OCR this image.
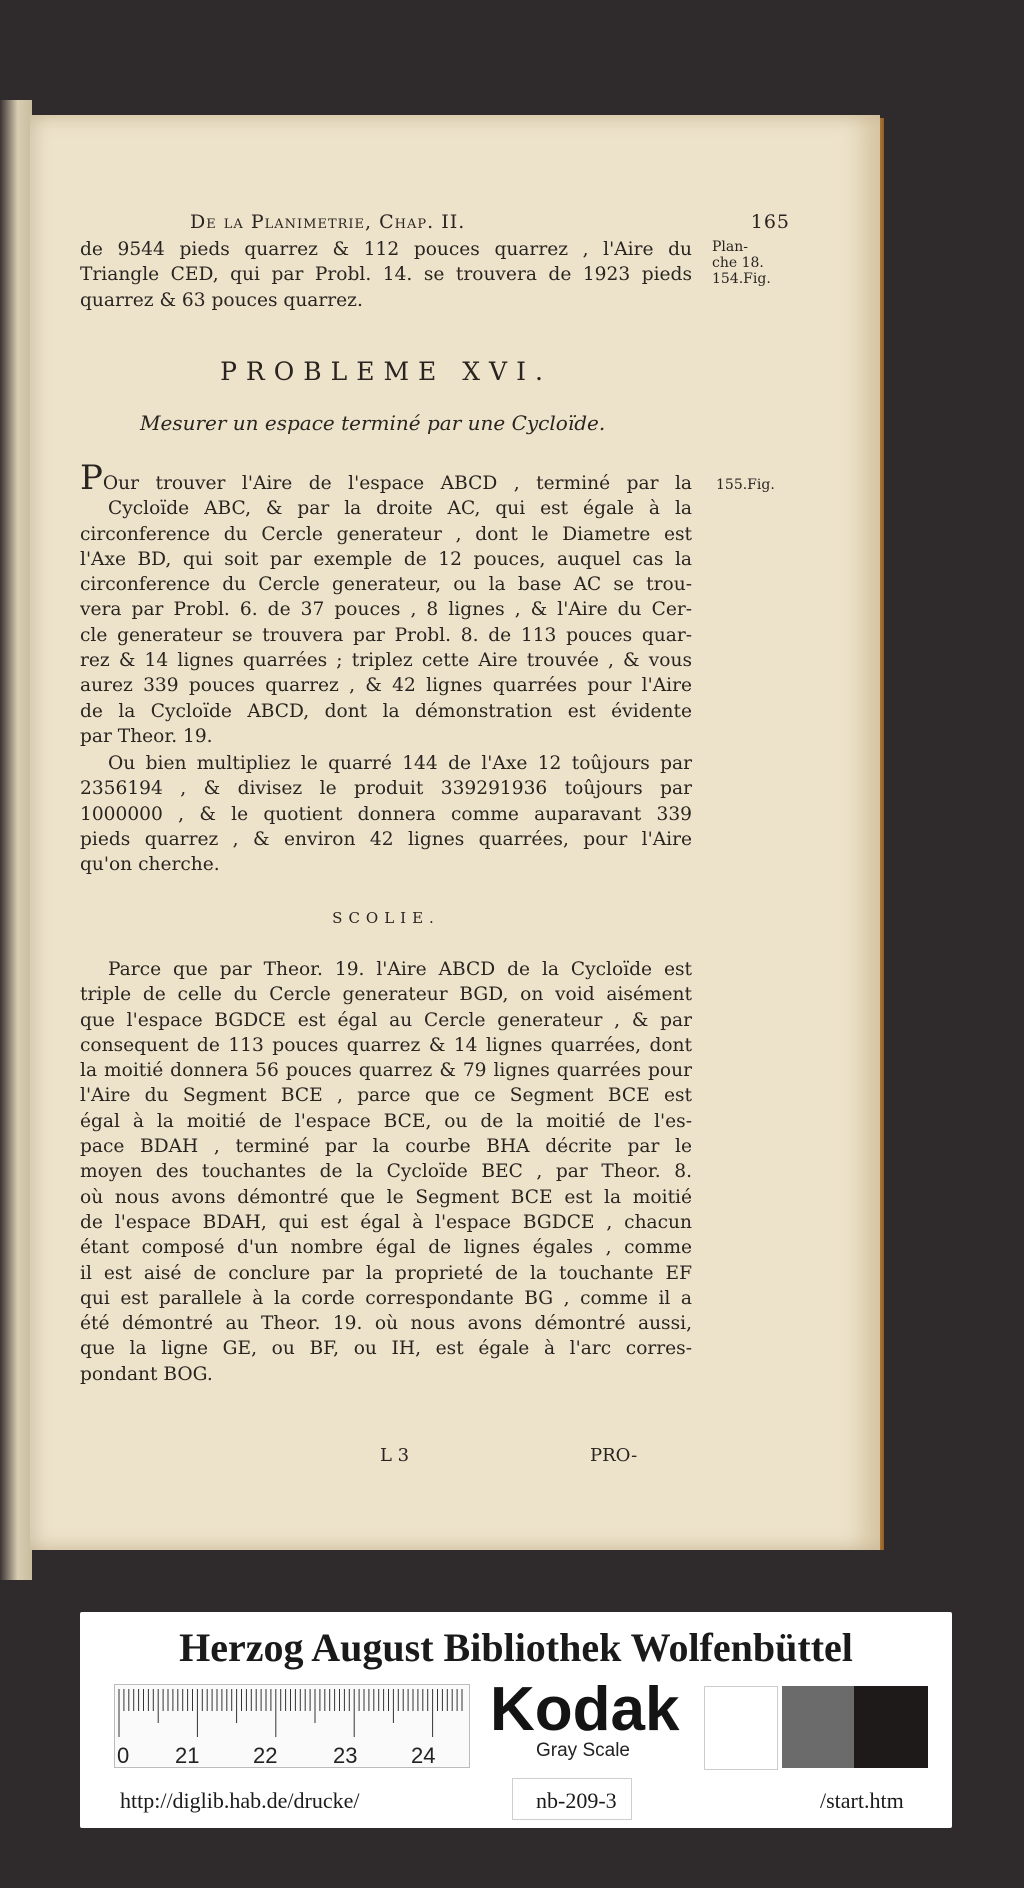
De la Planimetrie, Chap. II.	165
Plan-
che 18.
154.Fig.
de 9544 pieds quarrez & 112 pouces quarrez , l'Aire du
Triangle CED, qui par Probl. 14. se trouvera de 1923 pieds
quarrez & 63 pouces quarrez.
PROBLEME XVI.
Mesurer un espace terminé par une Cycloïde.
155.Fig.
POur trouver l'Aire de l'espace ABCD , terminé par la
Cycloïde ABC, & par la droite AC, qui est égale à la
circonference du Cercle generateur , dont le Diametre est
l'Axe BD, qui soit par exemple de 12 pouces, auquel cas la
circonference du Cercle generateur, ou la base AC se trou-
vera par Probl. 6. de 37 pouces , 8 lignes , & l'Aire du Cer-
cle generateur se trouvera par Probl. 8. de 113 pouces quar-
rez & 14 lignes quarrées ; triplez cette Aire trouvée , & vous
aurez 339 pouces quarrez , & 42 lignes quarrées pour l'Aire
de la Cycloïde ABCD, dont la démonstration est évidente
par Theor. 19.
Ou bien multipliez le quarré 144 de l'Axe 12 toûjours par
2356194 , & divisez le produit 339291936 toûjours par
1000000 , & le quotient donnera comme auparavant 339
pieds quarrez , & environ 42 lignes quarrées, pour l'Aire
qu'on cherche.
SCOLIE.
Parce que par Theor. 19. l'Aire ABCD de la Cycloïde est
triple de celle du Cercle generateur BGD, on void aisément
que l'espace BGDCE est égal au Cercle generateur , & par
consequent de 113 pouces quarrez & 14 lignes quarrées, dont
la moitié donnera 56 pouces quarrez & 79 lignes quarrées pour
l'Aire du Segment BCE , parce que ce Segment BCE est
égal à la moitié de l'espace BCE, ou de la moitié de l'es-
pace BDAH , terminé par la courbe BHA décrite par le
moyen des touchantes de la Cycloïde BEC , par Theor. 8.
où nous avons démontré que le Segment BCE est la moitié
de l'espace BDAH, qui est égal à l'espace BGDCE , chacun
étant composé d'un nombre égal de lignes égales , comme
il est aisé de conclure par la proprieté de la touchante EF
qui est parallele à la corde correspondante BG , comme il a
été démontré au Theor. 19. où nous avons démontré aussi,
que la ligne GE, ou BF, ou IH, est égale à l'arc corres-
pondant BOG.
L 3	PRO-
Herzog August Bibliothek Wolfenbüttel
0 21 22	23 24
Kodak
Gray Scale
http://diglib.hab.de/drucke/	nb-209-3	/start.htm
